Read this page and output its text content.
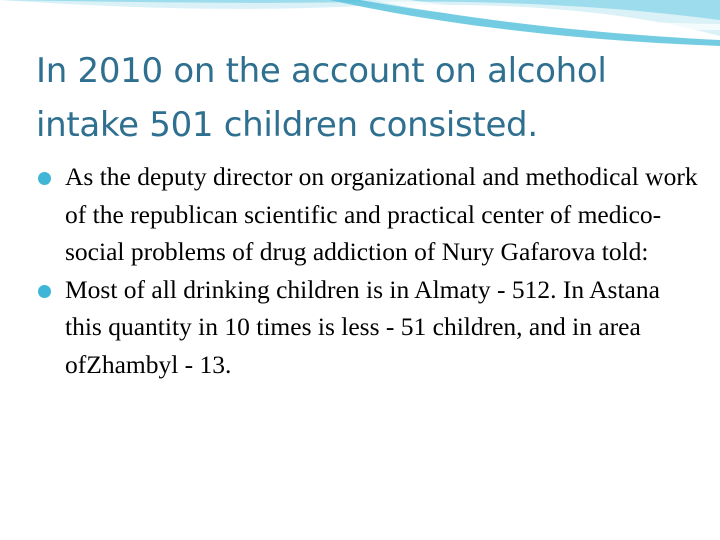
In 2010 on the account on alcohol intake 501 children consisted.
As the deputy director on organizational and methodical work of the republican scientific and practical center of medico-social problems of drug addiction of Nury Gafarova told:
Most of all drinking children is in Almaty - 512. In Astana this quantity in 10 times is less - 51 children, and in area ofZhambyl - 13.
